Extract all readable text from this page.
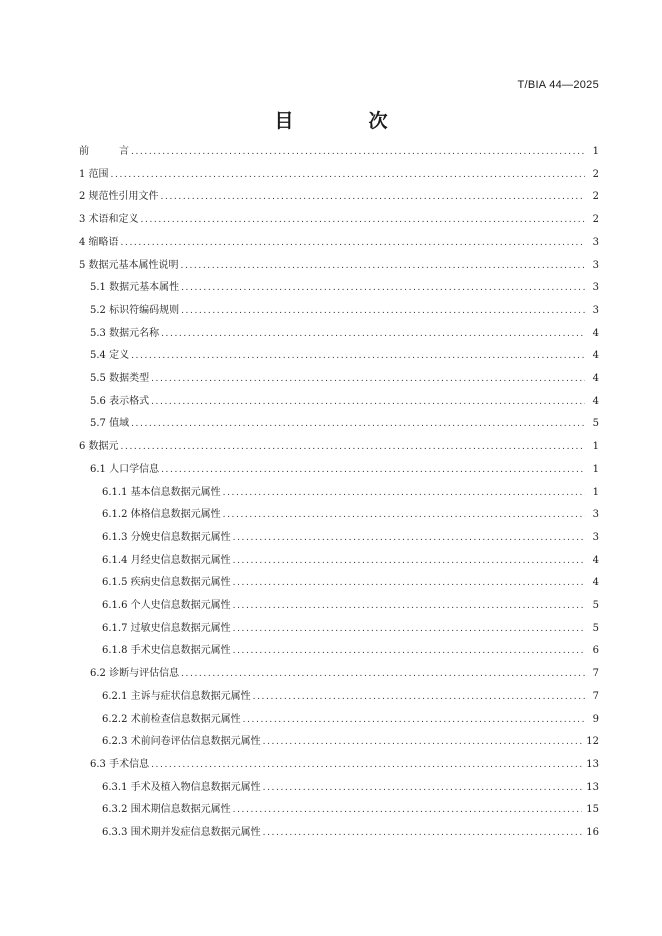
T/BIA 44—2025
目　次
前　　　言 .....	1
1 范围 .....	2
2 规范性引用文件 .....	2
3 术语和定义 .....	2
4 缩略语 .....	3
5 数据元基本属性说明 .....	3
5.1 数据元基本属性 .....	3
5.2 标识符编码规则 .....	3
5.3 数据元名称 .....	4
5.4 定义 .....	4
5.5 数据类型 .....	4
5.6 表示格式 .....	4
5.7 值域 .....	5
6 数据元 .....	1
6.1 人口学信息 .....	1
6.1.1 基本信息数据元属性 .....	1
6.1.2 体格信息数据元属性 .....	3
6.1.3 分娩史信息数据元属性 .....	3
6.1.4 月经史信息数据元属性 .....	4
6.1.5 疾病史信息数据元属性 .....	4
6.1.6 个人史信息数据元属性 .....	5
6.1.7 过敏史信息数据元属性 .....	5
6.1.8 手术史信息数据元属性 .....	6
6.2 诊断与评估信息 .....	7
6.2.1 主诉与症状信息数据元属性 .....	7
6.2.2 术前检查信息数据元属性 .....	9
6.2.3 术前问卷评估信息数据元属性 .....	12
6.3 手术信息 .....	13
6.3.1 手术及植入物信息数据元属性 .....	13
6.3.2 围术期信息数据元属性 .....	15
6.3.3 围术期并发症信息数据元属性 .....	16
